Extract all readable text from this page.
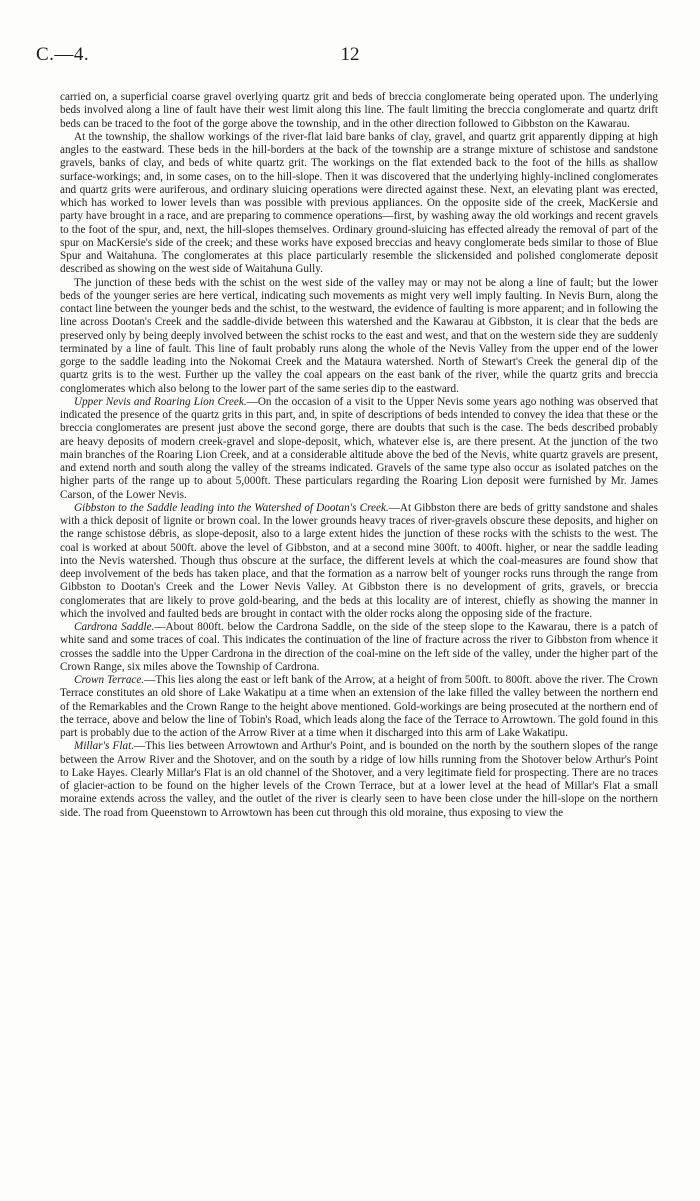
C.—4.	12

carried on, a superficial coarse gravel overlying quartz grit and beds of breccia conglomerate being operated upon. The underlying beds involved along a line of fault have their west limit along this line. The fault limiting the breccia conglomerate and quartz drift beds can be traced to the foot of the gorge above the township, and in the other direction followed to Gibbston on the Kawarau.

At the township, the shallow workings of the river-flat laid bare banks of clay, gravel, and quartz grit apparently dipping at high angles to the eastward. These beds in the hill-borders at the back of the township are a strange mixture of schistose and sandstone gravels, banks of clay, and beds of white quartz grit. The workings on the flat extended back to the foot of the hills as shallow surface-workings; and, in some cases, on to the hill-slope. Then it was discovered that the underlying highly-inclined conglomerates and quartz grits were auriferous, and ordinary sluicing operations were directed against these. Next, an elevating plant was erected, which has worked to lower levels than was possible with previous appliances. On the opposite side of the creek, MacKersie and party have brought in a race, and are preparing to commence operations—first, by washing away the old workings and recent gravels to the foot of the spur, and, next, the hill-slopes themselves. Ordinary ground-sluicing has effected already the removal of part of the spur on MacKersie's side of the creek; and these works have exposed breccias and heavy conglomerate beds similar to those of Blue Spur and Waitahuna. The conglomerates at this place particularly resemble the slickensided and polished conglomerate deposit described as showing on the west side of Waitahuna Gully.

The junction of these beds with the schist on the west side of the valley may or may not be along a line of fault; but the lower beds of the younger series are here vertical, indicating such movements as might very well imply faulting. In Nevis Burn, along the contact line between the younger beds and the schist, to the westward, the evidence of faulting is more apparent; and in following the line across Dootan's Creek and the saddle-divide between this watershed and the Kawarau at Gibbston, it is clear that the beds are preserved only by being deeply involved between the schist rocks to the east and west, and that on the western side they are suddenly terminated by a line of fault. This line of fault probably runs along the whole of the Nevis Valley from the upper end of the lower gorge to the saddle leading into the Nokomai Creek and the Mataura watershed. North of Stewart's Creek the general dip of the quartz grits is to the west. Further up the valley the coal appears on the east bank of the river, while the quartz grits and breccia conglomerates which also belong to the lower part of the same series dip to the eastward.

Upper Nevis and Roaring Lion Creek.—On the occasion of a visit to the Upper Nevis some years ago nothing was observed that indicated the presence of the quartz grits in this part, and, in spite of descriptions of beds intended to convey the idea that these or the breccia conglomerates are present just above the second gorge, there are doubts that such is the case. The beds described probably are heavy deposits of modern creek-gravel and slope-deposit, which, whatever else is, are there present. At the junction of the two main branches of the Roaring Lion Creek, and at a considerable altitude above the bed of the Nevis, white quartz gravels are present, and extend north and south along the valley of the streams indicated. Gravels of the same type also occur as isolated patches on the higher parts of the range up to about 5,000ft. These particulars regarding the Roaring Lion deposit were furnished by Mr. James Carson, of the Lower Nevis.

Gibbston to the Saddle leading into the Watershed of Dootan's Creek.—At Gibbston there are beds of gritty sandstone and shales with a thick deposit of lignite or brown coal. In the lower grounds heavy traces of river-gravels obscure these deposits, and higher on the range schistose débris, as slope-deposit, also to a large extent hides the junction of these rocks with the schists to the west. The coal is worked at about 500ft. above the level of Gibbston, and at a second mine 300ft. to 400ft. higher, or near the saddle leading into the Nevis watershed. Though thus obscure at the surface, the different levels at which the coal-measures are found show that deep involvement of the beds has taken place, and that the formation as a narrow belt of younger rocks runs through the range from Gibbston to Dootan's Creek and the Lower Nevis Valley. At Gibbston there is no development of grits, gravels, or breccia conglomerates that are likely to prove gold-bearing, and the beds at this locality are of interest, chiefly as showing the manner in which the involved and faulted beds are brought in contact with the older rocks along the opposing side of the fracture.

Cardrona Saddle.—About 800ft. below the Cardrona Saddle, on the side of the steep slope to the Kawarau, there is a patch of white sand and some traces of coal. This indicates the continuation of the line of fracture across the river to Gibbston from whence it crosses the saddle into the Upper Cardrona in the direction of the coal-mine on the left side of the valley, under the higher part of the Crown Range, six miles above the Township of Cardrona.

Crown Terrace.—This lies along the east or left bank of the Arrow, at a height of from 500ft. to 800ft. above the river. The Crown Terrace constitutes an old shore of Lake Wakatipu at a time when an extension of the lake filled the valley between the northern end of the Remarkables and the Crown Range to the height above mentioned. Gold-workings are being prosecuted at the northern end of the terrace, above and below the line of Tobin's Road, which leads along the face of the Terrace to Arrowtown. The gold found in this part is probably due to the action of the Arrow River at a time when it discharged into this arm of Lake Wakatipu.

Millar's Flat.—This lies between Arrowtown and Arthur's Point, and is bounded on the north by the southern slopes of the range between the Arrow River and the Shotover, and on the south by a ridge of low hills running from the Shotover below Arthur's Point to Lake Hayes. Clearly Millar's Flat is an old channel of the Shotover, and a very legitimate field for prospecting. There are no traces of glacier-action to be found on the higher levels of the Crown Terrace, but at a lower level at the head of Millar's Flat a small moraine extends across the valley, and the outlet of the river is clearly seen to have been close under the hill-slope on the northern side. The road from Queenstown to Arrowtown has been cut through this old moraine, thus exposing to view the
